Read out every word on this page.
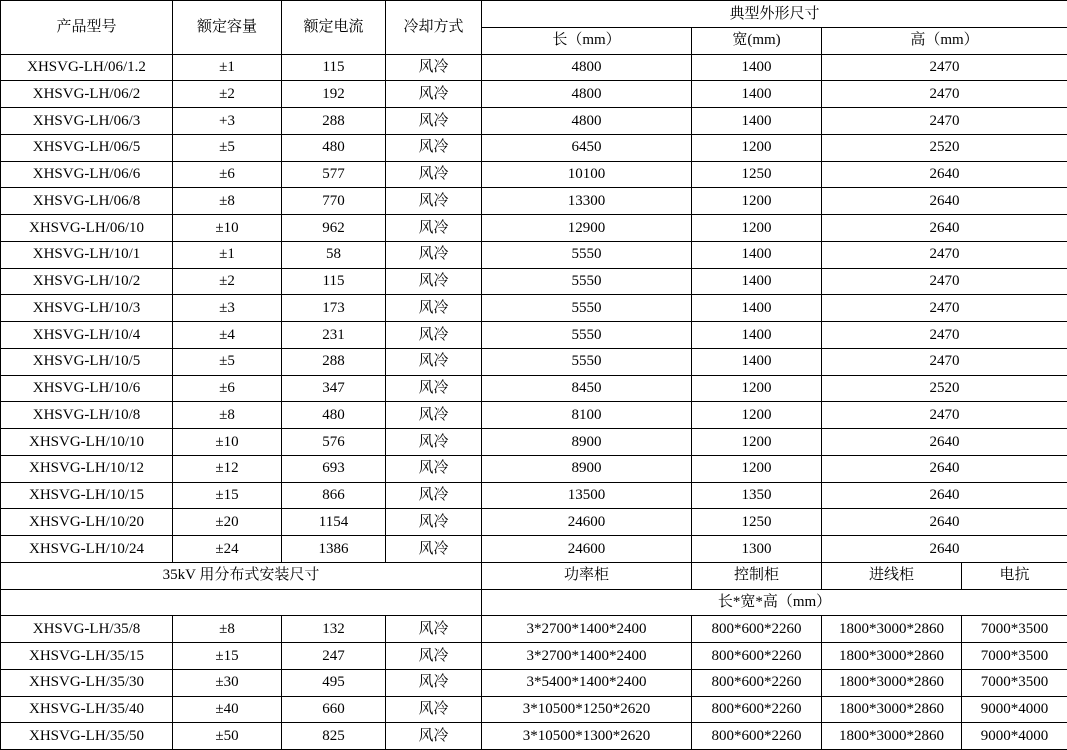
产品型号	额定容量	额定电流	冷却方式	典型外形尺寸			
				长（mm）	宽(mm)	高（mm）	
XHSVG-LH/06/1.2	±1	115	风冷	4800	1400	2470	
XHSVG-LH/06/2	±2	192	风冷	4800	1400	2470	
XHSVG-LH/06/3	+3	288	风冷	4800	1400	2470	
XHSVG-LH/06/5	±5	480	风冷	6450	1200	2520	
XHSVG-LH/06/6	±6	577	风冷	10100	1250	2640	
XHSVG-LH/06/8	±8	770	风冷	13300	1200	2640	
XHSVG-LH/06/10	±10	962	风冷	12900	1200	2640	
XHSVG-LH/10/1	±1	58	风冷	5550	1400	2470	
XHSVG-LH/10/2	±2	115	风冷	5550	1400	2470	
XHSVG-LH/10/3	±3	173	风冷	5550	1400	2470	
XHSVG-LH/10/4	±4	231	风冷	5550	1400	2470	
XHSVG-LH/10/5	±5	288	风冷	5550	1400	2470	
XHSVG-LH/10/6	±6	347	风冷	8450	1200	2520	
XHSVG-LH/10/8	±8	480	风冷	8100	1200	2470	
XHSVG-LH/10/10	±10	576	风冷	8900	1200	2640	
XHSVG-LH/10/12	±12	693	风冷	8900	1200	2640	
XHSVG-LH/10/15	±15	866	风冷	13500	1350	2640	
XHSVG-LH/10/20	±20	1154	风冷	24600	1250	2640	
XHSVG-LH/10/24	±24	1386	风冷	24600	1300	2640	
35kV 用分布式安装尺寸				功率柜	控制柜	进线柜	电抗
				长*宽*高（mm）			
XHSVG-LH/35/8	±8	132	风冷	3*2700*1400*2400	800*600*2260	1800*3000*2860	7000*3500
XHSVG-LH/35/15	±15	247	风冷	3*2700*1400*2400	800*600*2260	1800*3000*2860	7000*3500
XHSVG-LH/35/30	±30	495	风冷	3*5400*1400*2400	800*600*2260	1800*3000*2860	7000*3500
XHSVG-LH/35/40	±40	660	风冷	3*10500*1250*2620	800*600*2260	1800*3000*2860	9000*4000
XHSVG-LH/35/50	±50	825	风冷	3*10500*1300*2620	800*600*2260	1800*3000*2860	9000*4000
